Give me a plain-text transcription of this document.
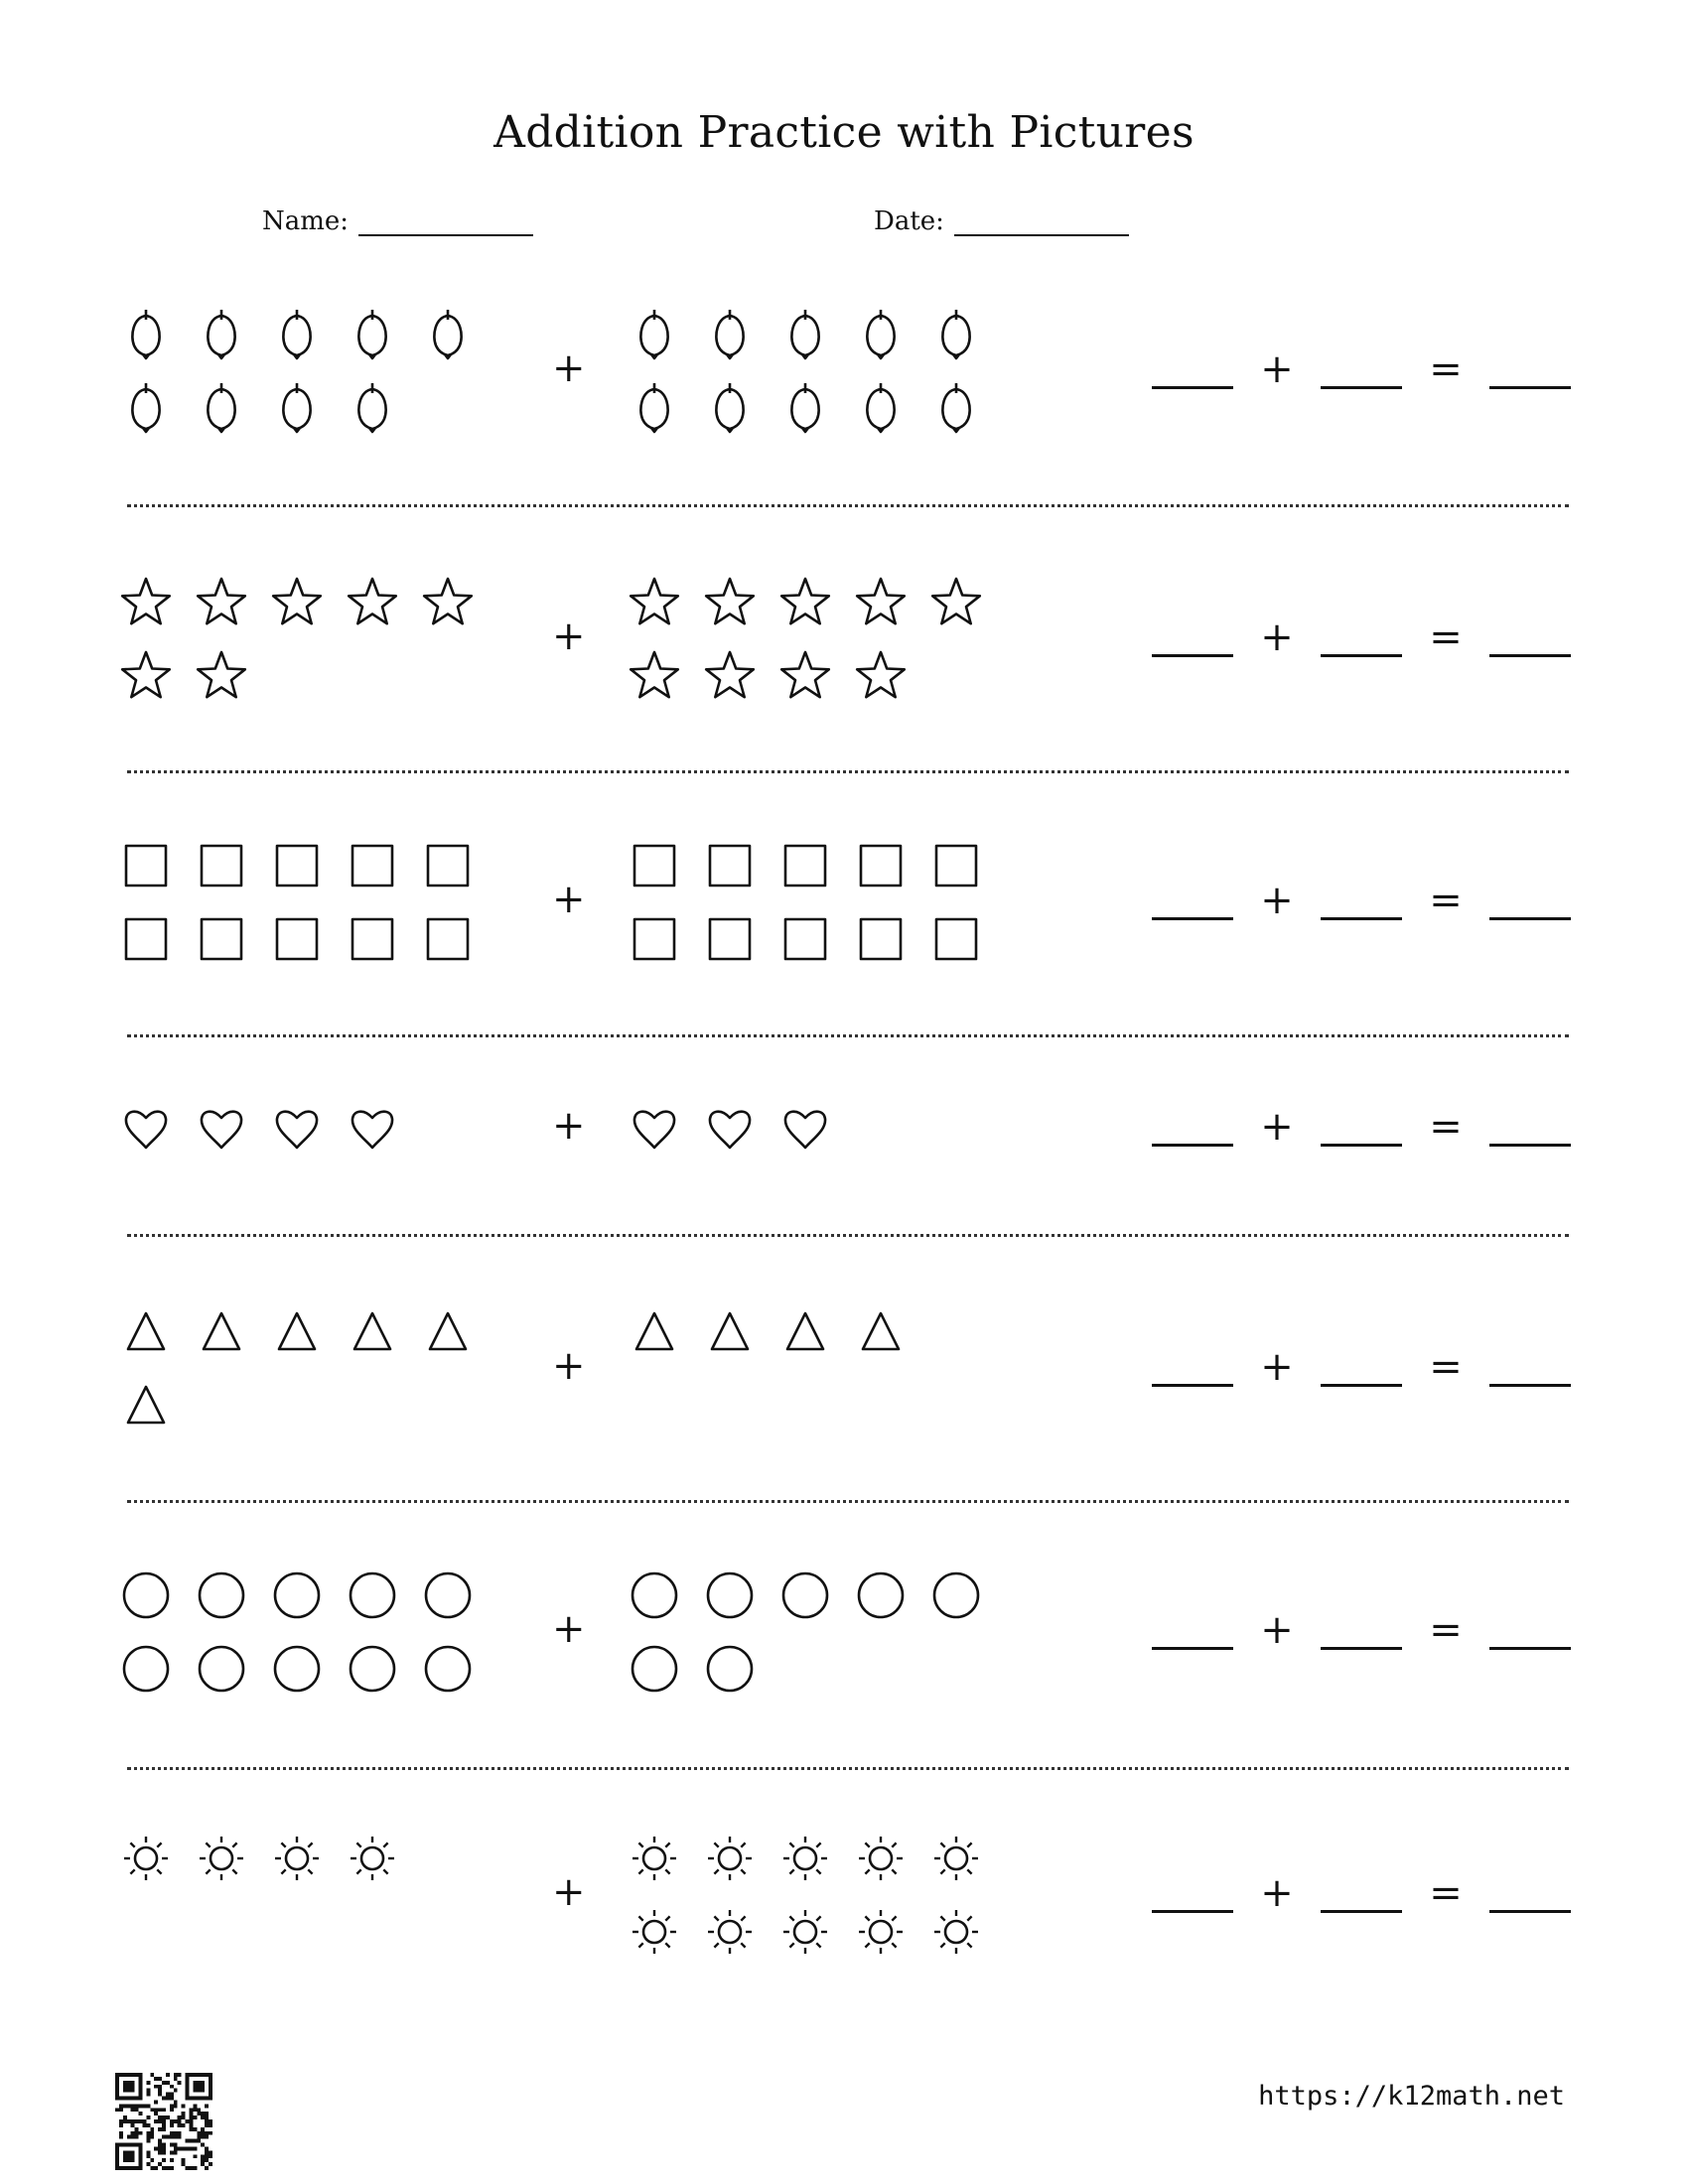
Addition Practice with Pictures
Name:	Date:
+	+	=
+	+	=
+	+	=
+	+	=
+	+	=
+	+	=
+	+	=
https://k12math.net
